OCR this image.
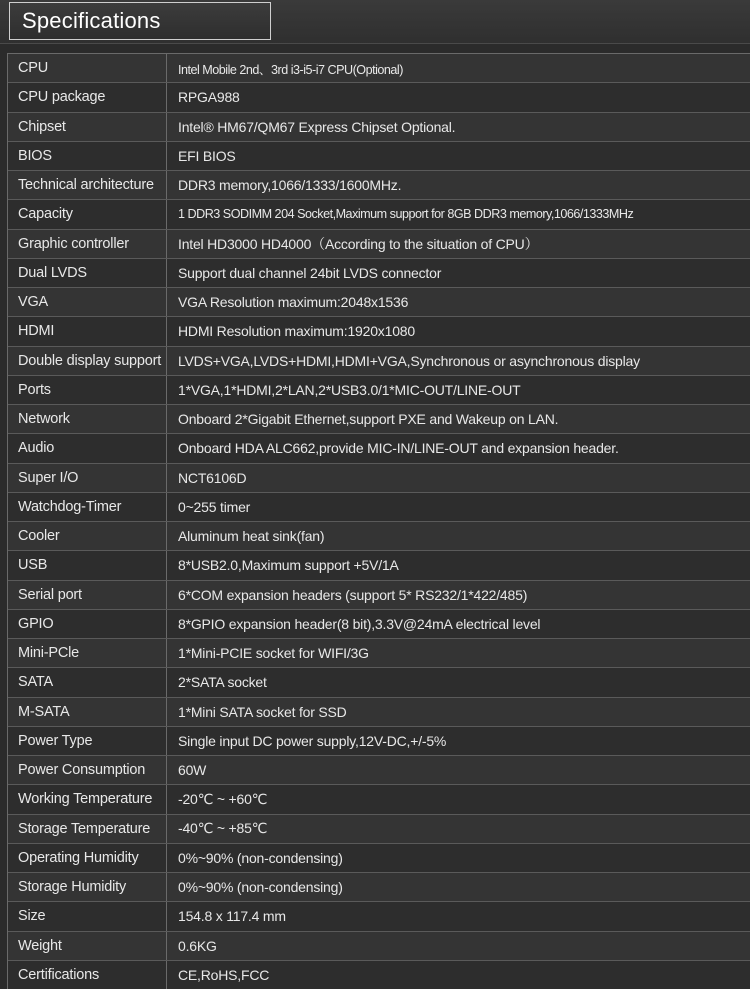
Specifications
CPU	Intel Mobile 2nd、3rd i3-i5-i7 CPU(Optional)
CPU package	RPGA988
Chipset	Intel® HM67/QM67 Express Chipset Optional.
BIOS	EFI BIOS
Technical architecture	DDR3 memory,1066/1333/1600MHz.
Capacity	1 DDR3 SODIMM 204 Socket,Maximum support for 8GB DDR3 memory,1066/1333MHz
Graphic controller	Intel HD3000 HD4000（According to the situation of CPU）
Dual LVDS	Support dual channel 24bit LVDS connector
VGA	VGA Resolution maximum:2048x1536
HDMI	HDMI Resolution maximum:1920x1080
Double display support	LVDS+VGA,LVDS+HDMI,HDMI+VGA,Synchronous or asynchronous display
Ports	1*VGA,1*HDMI,2*LAN,2*USB3.0/1*MIC-OUT/LINE-OUT
Network	Onboard 2*Gigabit Ethernet,support PXE and Wakeup on LAN.
Audio	Onboard HDA ALC662,provide MIC-IN/LINE-OUT and expansion header.
Super I/O	NCT6106D
Watchdog-Timer	0~255 timer
Cooler	Aluminum heat sink(fan)
USB	8*USB2.0,Maximum support +5V/1A
Serial port	6*COM expansion headers (support 5* RS232/1*422/485)
GPIO	8*GPIO expansion header(8 bit),3.3V@24mA electrical level
Mini-PCle	1*Mini-PCIE socket for WIFI/3G
SATA	2*SATA socket
M-SATA	1*Mini SATA socket for SSD
Power Type	Single input DC power supply,12V-DC,+/-5%
Power Consumption	60W
Working Temperature	-20℃ ~ +60℃
Storage Temperature	-40℃ ~ +85℃
Operating Humidity	0%~90% (non-condensing)
Storage Humidity	0%~90% (non-condensing)
Size	154.8 x 117.4 mm
Weight	0.6KG
Certifications	CE,RoHS,FCC
